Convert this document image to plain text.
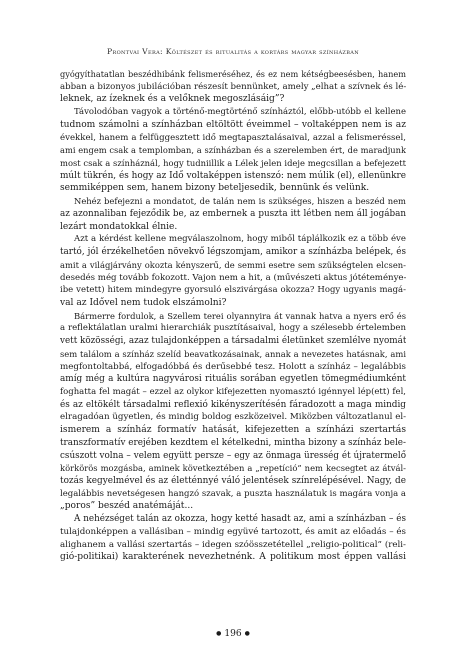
Prontvai Vera: Költészet és ritualitás a kortárs magyar színházban
gyógyíthatatlan beszédhibánk felismeréséhez, és ez nem kétségbeesésben, hanem
abban a bizonyos jubilációban részesít bennünket, amely „elhat a szívnek és lé-
leknek, az ízeknek és a velőknek megoszlásáig”?
Távolodóban vagyok a történő-megtörténő színháztól, előbb-utóbb el kellene
tudnom számolni a színházban eltöltött éveimmel – voltaképpen nem is az
évekkel, hanem a felfüggesztett idő megtapasztalásaival, azzal a felismeréssel,
ami engem csak a templomban, a színházban és a szerelemben ért, de maradjunk
most csak a színháznál, hogy tudniillik a Lélek jelen ideje megcsillan a befejezett
múlt tükrén, és hogy az Idő voltaképpen istenszó: nem múlik (el), ellenünkre
semmiképpen sem, hanem bizony beteljesedik, bennünk és velünk.
Nehéz befejezni a mondatot, de talán nem is szükséges, hiszen a beszéd nem
az azonnaliban fejeződik be, az embernek a puszta itt létben nem áll jogában
lezárt mondatokkal élnie.
Azt a kérdést kellene megválaszolnom, hogy miből táplálkozik ez a több éve
tartó, jól érzékelhetően növekvő légszomjam, amikor a színházba belépek, és
amit a világjárvány okozta kényszerű, de semmi esetre sem szükségtelen elcsen-
desedés még tovább fokozott. Vajon nem a hit, a (művészeti aktus jótéteménye-
ibe vetett) hitem mindegyre gyorsuló elszivárgása okozza? Hogy ugyanis magá-
val az Idővel nem tudok elszámolni?
Bármerre fordulok, a Szellem terei olyannyira át vannak hatva a nyers erő és
a reflektálatlan uralmi hierarchiák pusztításaival, hogy a szélesebb értelemben
vett közösségi, azaz tulajdonképpen a társadalmi életünket szemlélve nyomát
sem találom a színház szelíd beavatkozásainak, annak a nevezetes hatásnak, ami
megfontoltabbá, elfogadóbbá és derűsebbé tesz. Holott a színház – legalábbis
amíg még a kultúra nagyvárosi rituális sorában egyetlen tömegmédiumként
foghatta fel magát – ezzel az olykor kifejezetten nyomasztó igénnyel lép(ett) fel,
és az eltökélt társadalmi reflexió kikényszerítésén fáradozott a maga mindig
elragadóan ügyetlen, és mindig boldog eszközeivel. Miközben változatlanul el-
ismerem a színház formatív hatását, kifejezetten a színházi szertartás
transzformatív erejében kezdtem el kételkedni, mintha bizony a színház bele-
csúszott volna – velem együtt persze – egy az önmaga üresség ét újratermelő
körkörös mozgásba, aminek következtében a „repetíció” nem kecsegtet az átvál-
tozás kegyelmével és az életténnyé váló jelentések színrelépésével. Nagy, de
legalábbis nevetségesen hangzó szavak, a puszta használatuk is magára vonja a
„poros” beszéd anatémáját...
A nehézséget talán az okozza, hogy ketté hasadt az, ami a színházban – és
tulajdonképpen a vallásiban – mindig együvé tartozott, és amit az előadás – és
alighanem a vallási szertartás – idegen szóösszetétellel „religio-political” (reli-
gió-politikai) karakterének nevezhetnénk. A politikum most éppen vallási
● 196 ●
